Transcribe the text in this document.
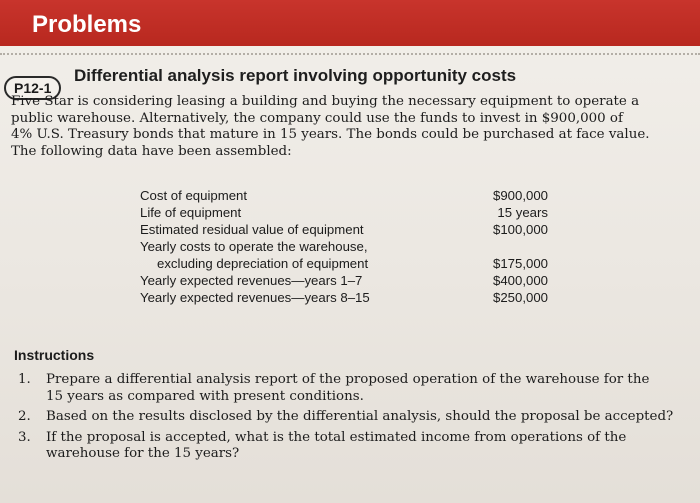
Problems
P12-1
Differential analysis report involving opportunity costs
Five Star is considering leasing a building and buying the necessary equipment to operate a
public warehouse. Alternatively, the company could use the funds to invest in $900,000 of
4% U.S. Treasury bonds that mature in 15 years. The bonds could be purchased at face value.
The following data have been assembled:
Cost of equipment	$900,000
Life of equipment	15 years
Estimated residual value of equipment	$100,000
Yearly costs to operate the warehouse,
excluding depreciation of equipment	$175,000
Yearly expected revenues—years 1–7	$400,000
Yearly expected revenues—years 8–15	$250,000
Instructions
1. Prepare a differential analysis report of the proposed operation of the warehouse for the
15 years as compared with present conditions.
2. Based on the results disclosed by the differential analysis, should the proposal be accepted?
3. If the proposal is accepted, what is the total estimated income from operations of the
warehouse for the 15 years?
